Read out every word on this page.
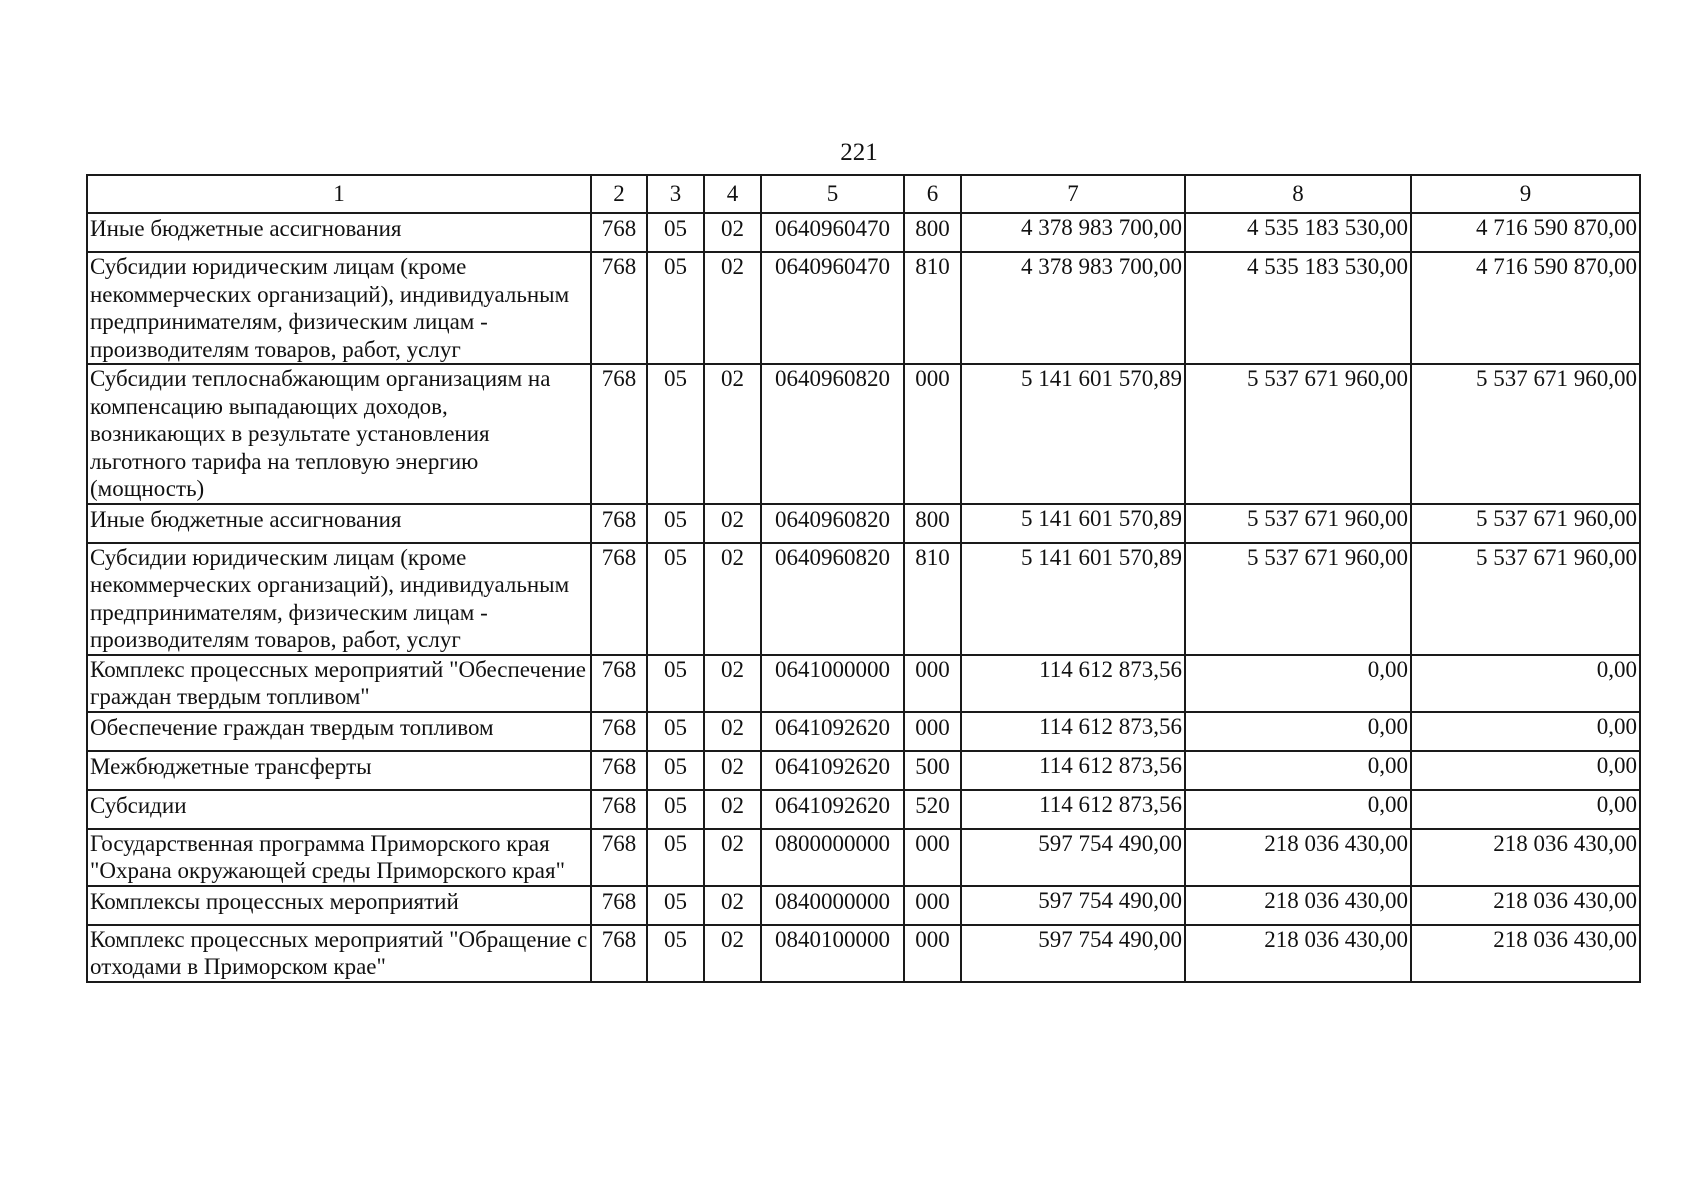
221
1	2	3	4	5	6	7	8	9
Иные бюджетные ассигнования	768	05	02	0640960470	800	4 378 983 700,00	4 535 183 530,00	4 716 590 870,00
Субсидии юридическим лицам (кроме некоммерческих организаций), индивидуальным предпринимателям, физическим лицам - производителям товаров, работ, услуг	768	05	02	0640960470	810	4 378 983 700,00	4 535 183 530,00	4 716 590 870,00
Субсидии теплоснабжающим организациям на компенсацию выпадающих доходов, возникающих в результате установления льготного тарифа на тепловую энергию (мощность)	768	05	02	0640960820	000	5 141 601 570,89	5 537 671 960,00	5 537 671 960,00
Иные бюджетные ассигнования	768	05	02	0640960820	800	5 141 601 570,89	5 537 671 960,00	5 537 671 960,00
Субсидии юридическим лицам (кроме некоммерческих организаций), индивидуальным предпринимателям, физическим лицам - производителям товаров, работ, услуг	768	05	02	0640960820	810	5 141 601 570,89	5 537 671 960,00	5 537 671 960,00
Комплекс процессных мероприятий "Обеспечение граждан твердым топливом"	768	05	02	0641000000	000	114 612 873,56	0,00	0,00
Обеспечение граждан твердым топливом	768	05	02	0641092620	000	114 612 873,56	0,00	0,00
Межбюджетные трансферты	768	05	02	0641092620	500	114 612 873,56	0,00	0,00
Субсидии	768	05	02	0641092620	520	114 612 873,56	0,00	0,00
Государственная программа Приморского края "Охрана окружающей среды Приморского края"	768	05	02	0800000000	000	597 754 490,00	218 036 430,00	218 036 430,00
Комплексы процессных мероприятий	768	05	02	0840000000	000	597 754 490,00	218 036 430,00	218 036 430,00
Комплекс процессных мероприятий "Обращение с отходами в Приморском крае"	768	05	02	0840100000	000	597 754 490,00	218 036 430,00	218 036 430,00
